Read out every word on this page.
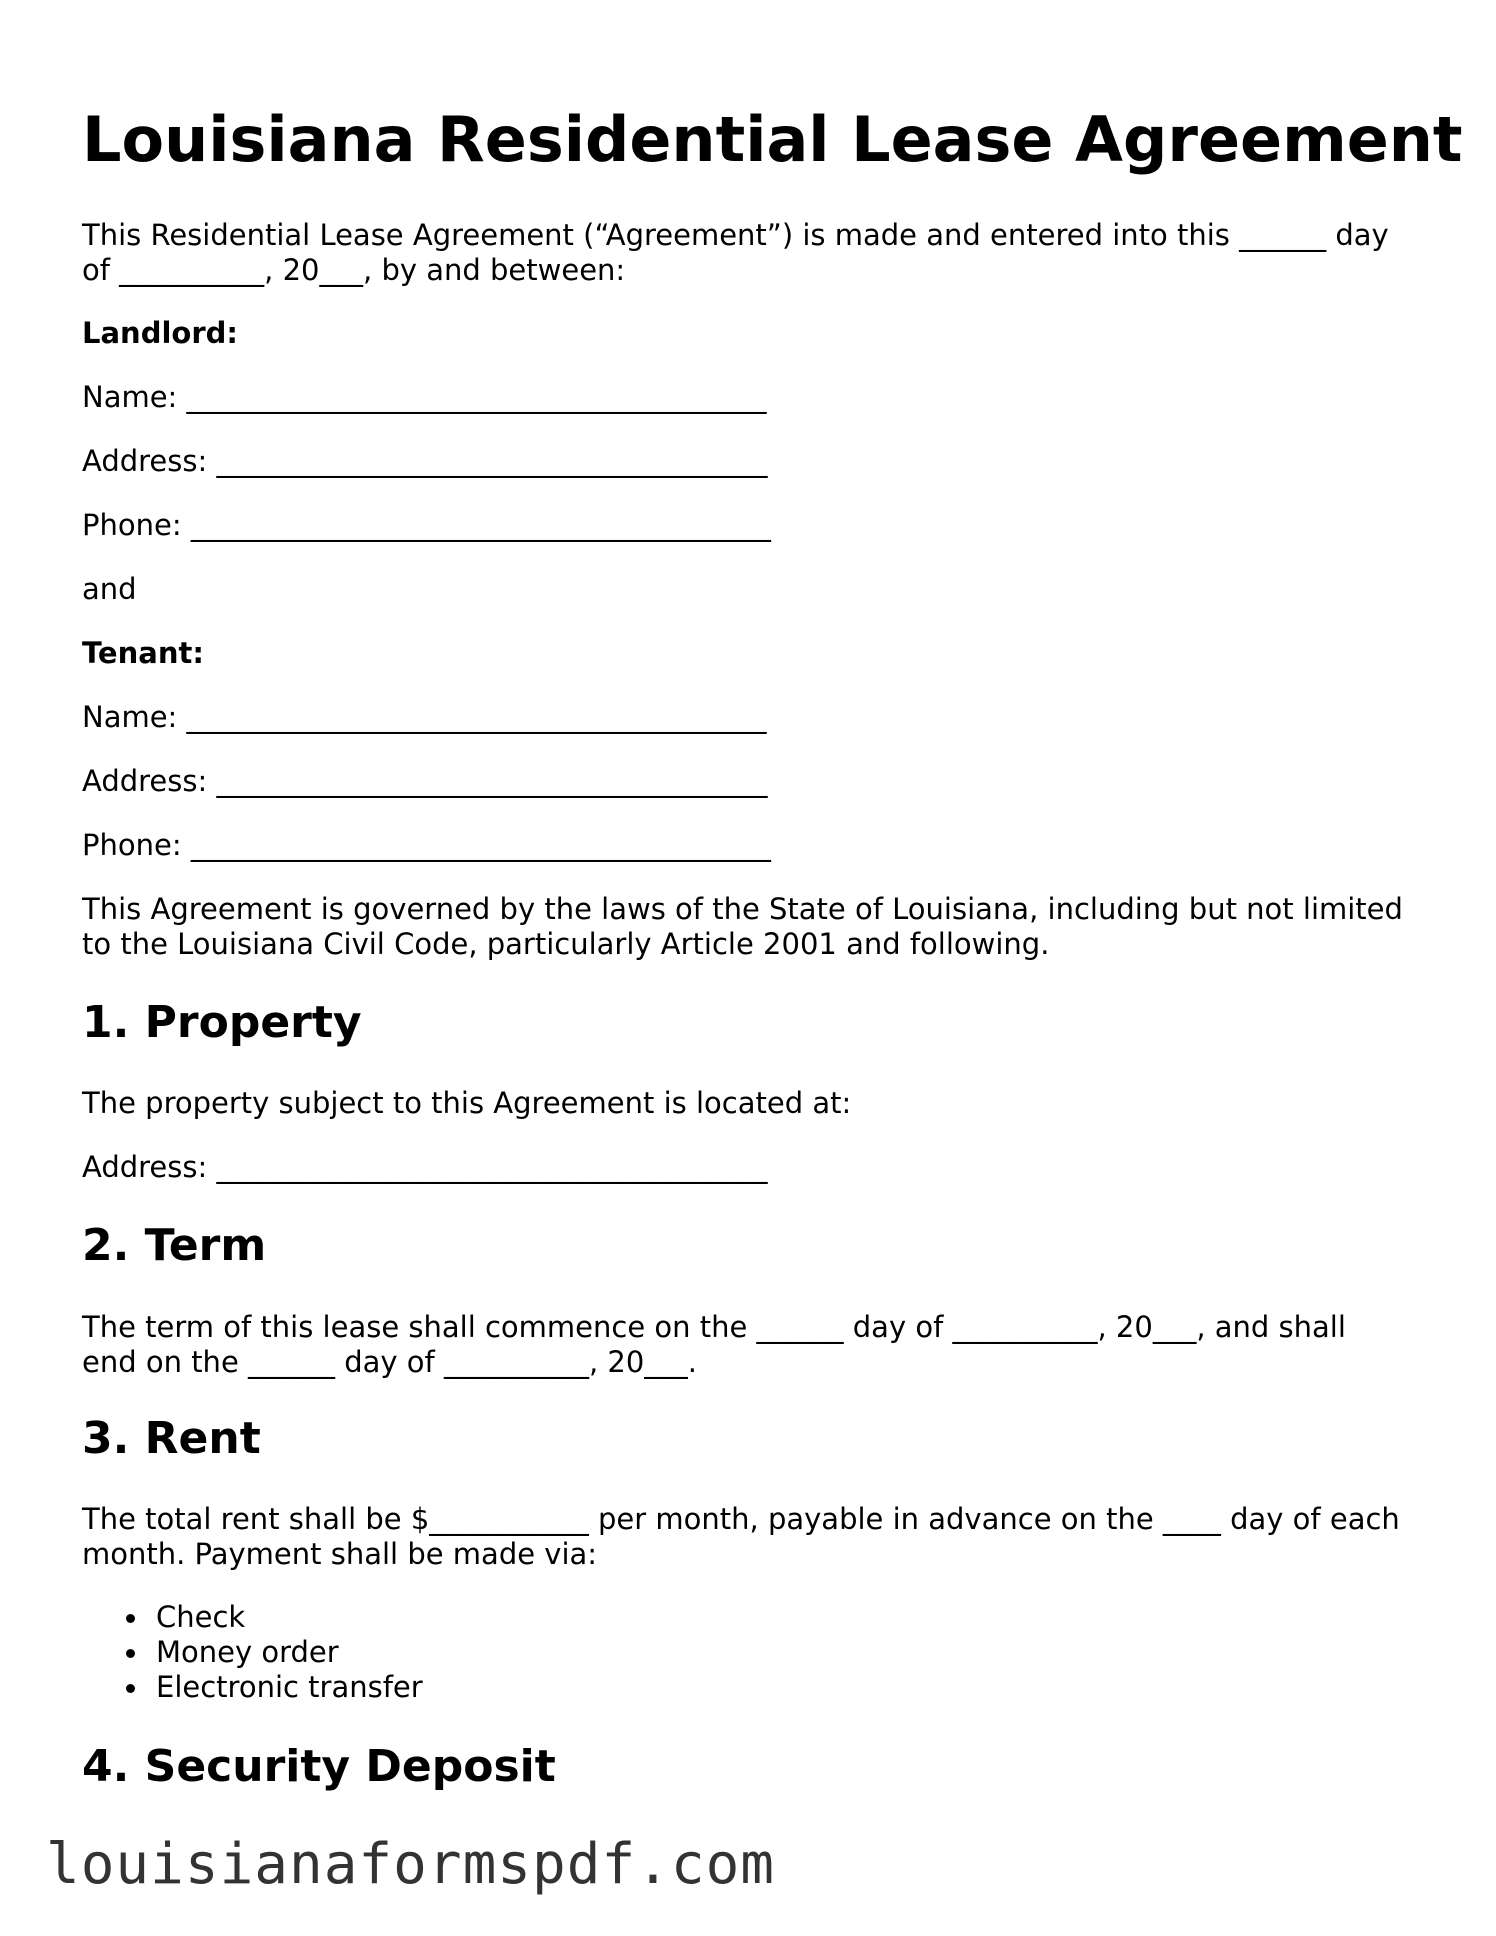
Louisiana Residential Lease Agreement

This Residential Lease Agreement (“Agreement”) is made and entered into this ______ day

of __________, 20___, by and between:

Landlord:

Name: ________________________________________

Address: ______________________________________

Phone: ________________________________________

and

Tenant:

Name: ________________________________________

Address: ______________________________________

Phone: ________________________________________

This Agreement is governed by the laws of the State of Louisiana, including but not limited

to the Louisiana Civil Code, particularly Article 2001 and following.

1. Property

The property subject to this Agreement is located at:

Address: ______________________________________

2. Term

The term of this lease shall commence on the ______ day of __________, 20___, and shall

end on the ______ day of __________, 20___.

3. Rent

The total rent shall be $___________ per month, payable in advance on the ____ day of each

month. Payment shall be made via:

Check
Money order
Electronic transfer
4. Security Deposit
louisianaformspdf.com
